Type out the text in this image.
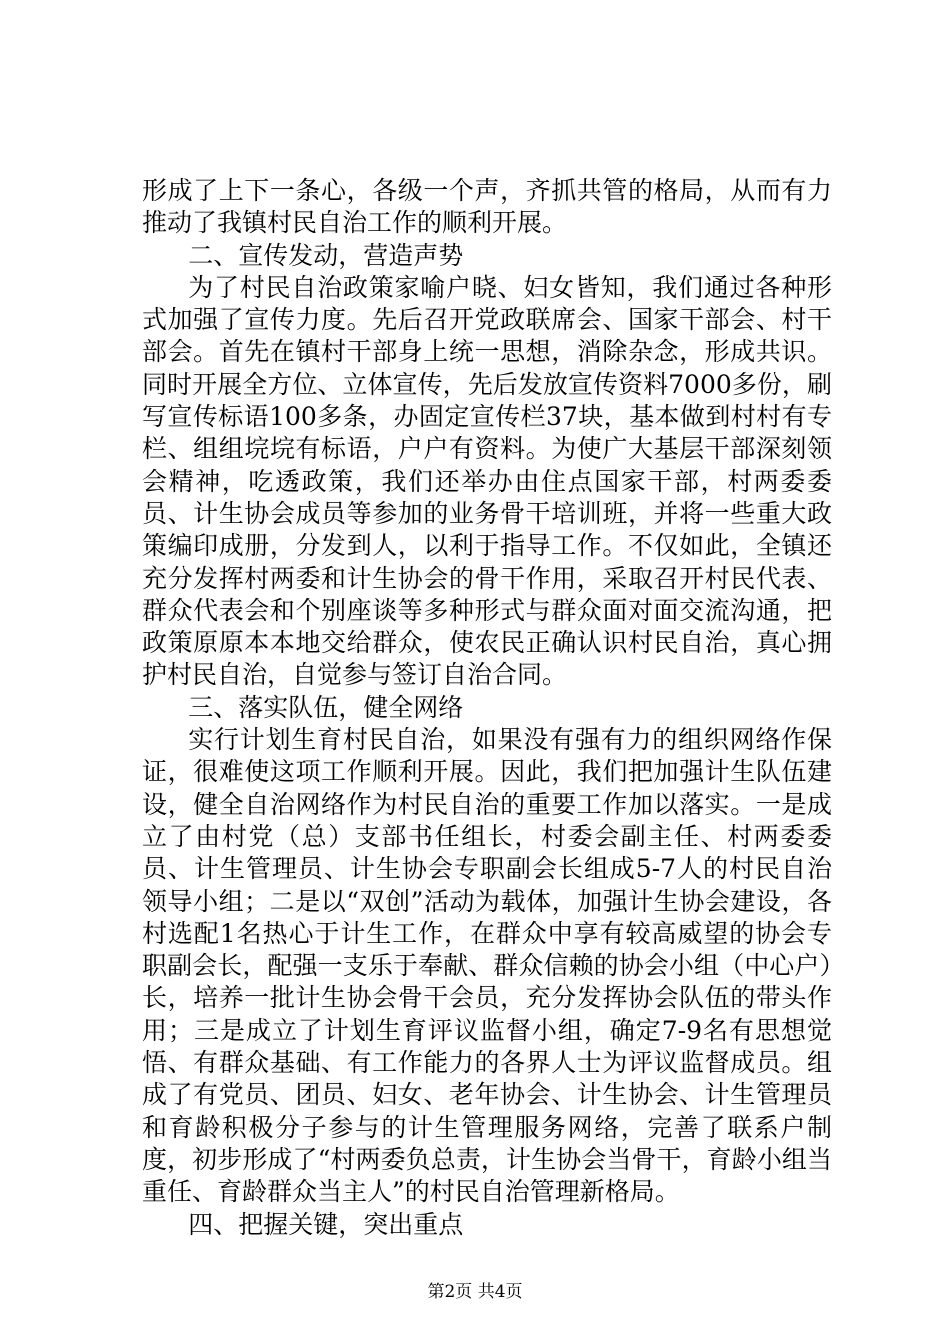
形成了上下一条心，各级一个声，齐抓共管的格局，从而有力推动了我镇村民自治工作的顺利开展。

二、宣传发动，营造声势

为了村民自治政策家喻户晓、妇女皆知，我们通过各种形式加强了宣传力度。先后召开党政联席会、国家干部会、村干部会。首先在镇村干部身上统一思想，消除杂念，形成共识。同时开展全方位、立体宣传，先后发放宣传资料7000多份，刷写宣传标语100多条，办固定宣传栏37块，基本做到村村有专栏、组组垸垸有标语，户户有资料。为使广大基层干部深刻领会精神，吃透政策，我们还举办由住点国家干部，村两委委员、计生协会成员等参加的业务骨干培训班，并将一些重大政策编印成册，分发到人，以利于指导工作。不仅如此，全镇还充分发挥村两委和计生协会的骨干作用，采取召开村民代表、群众代表会和个别座谈等多种形式与群众面对面交流沟通，把政策原原本本地交给群众，使农民正确认识村民自治，真心拥护村民自治，自觉参与签订自治合同。

三、落实队伍，健全网络

实行计划生育村民自治，如果没有强有力的组织网络作保证，很难使这项工作顺利开展。因此，我们把加强计生队伍建设，健全自治网络作为村民自治的重要工作加以落实。一是成立了由村党（总）支部书任组长，村委会副主任、村两委委员、计生管理员、计生协会专职副会长组成5-7人的村民自治领导小组；二是以“双创”活动为载体，加强计生协会建设，各村选配1名热心于计生工作，在群众中享有较高威望的协会专职副会长，配强一支乐于奉献、群众信赖的协会小组（中心户）长，培养一批计生协会骨干会员，充分发挥协会队伍的带头作用；三是成立了计划生育评议监督小组，确定7-9名有思想觉悟、有群众基础、有工作能力的各界人士为评议监督成员。组成了有党员、团员、妇女、老年协会、计生协会、计生管理员和育龄积极分子参与的计生管理服务网络，完善了联系户制度，初步形成了“村两委负总责，计生协会当骨干，育龄小组当重任、育龄群众当主人”的村民自治管理新格局。

四、把握关键，突出重点

第2页 共4页
